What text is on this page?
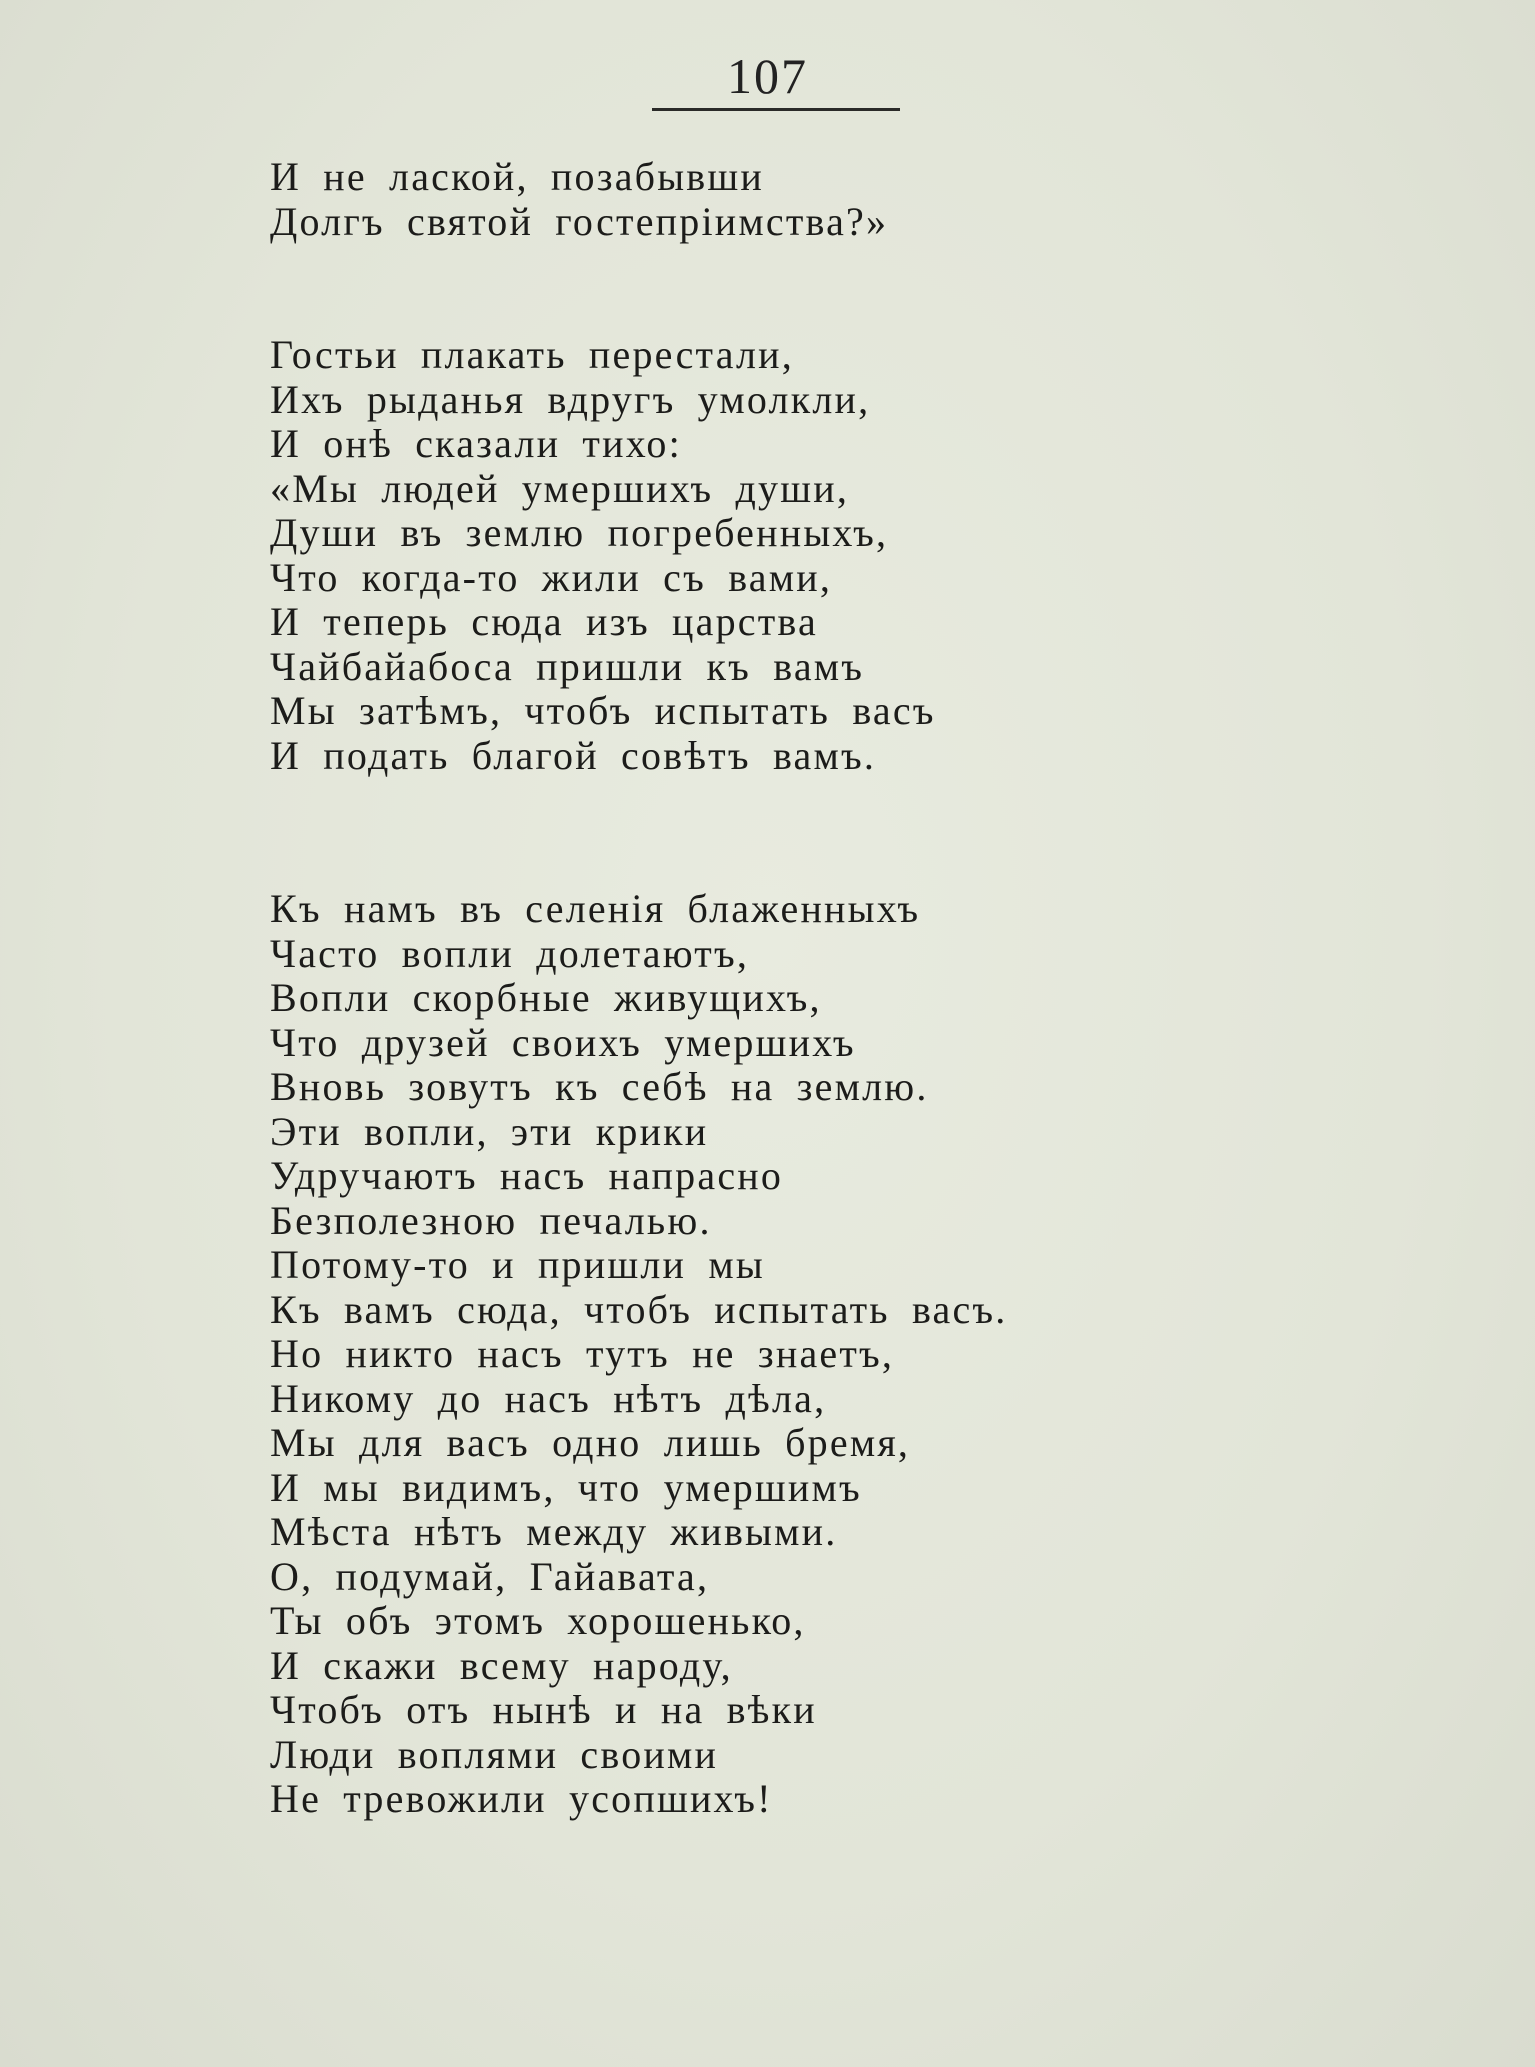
107
И не лаской, позабывши
Долгъ святой гостепріимства?»
Гостьи плакать перестали,
Ихъ рыданья вдругъ умолкли,
И онѣ сказали тихо:
«Мы людей умершихъ души,
Души въ землю погребенныхъ,
Что когда-то жили съ вами,
И теперь сюда изъ царства
Чайбайабоса пришли къ вамъ
Мы затѣмъ, чтобъ испытать васъ
И подать благой совѣтъ вамъ.
Къ намъ въ селенія блаженныхъ
Часто вопли долетаютъ,
Вопли скорбные живущихъ,
Что друзей своихъ умершихъ
Вновь зовутъ къ себѣ на землю.
Эти вопли, эти крики
Удручаютъ насъ напрасно
Безполезною печалью.
Потому-то и пришли мы
Къ вамъ сюда, чтобъ испытать васъ.
Но никто насъ тутъ не знаетъ,
Никому до насъ нѣтъ дѣла,
Мы для васъ одно лишь бремя,
И мы видимъ, что умершимъ
Мѣста нѣтъ между живыми.
О, подумай, Гайавата,
Ты объ этомъ хорошенько,
И скажи всему народу,
Чтобъ отъ нынѣ и на вѣки
Люди воплями своими
Не тревожили усопшихъ!
